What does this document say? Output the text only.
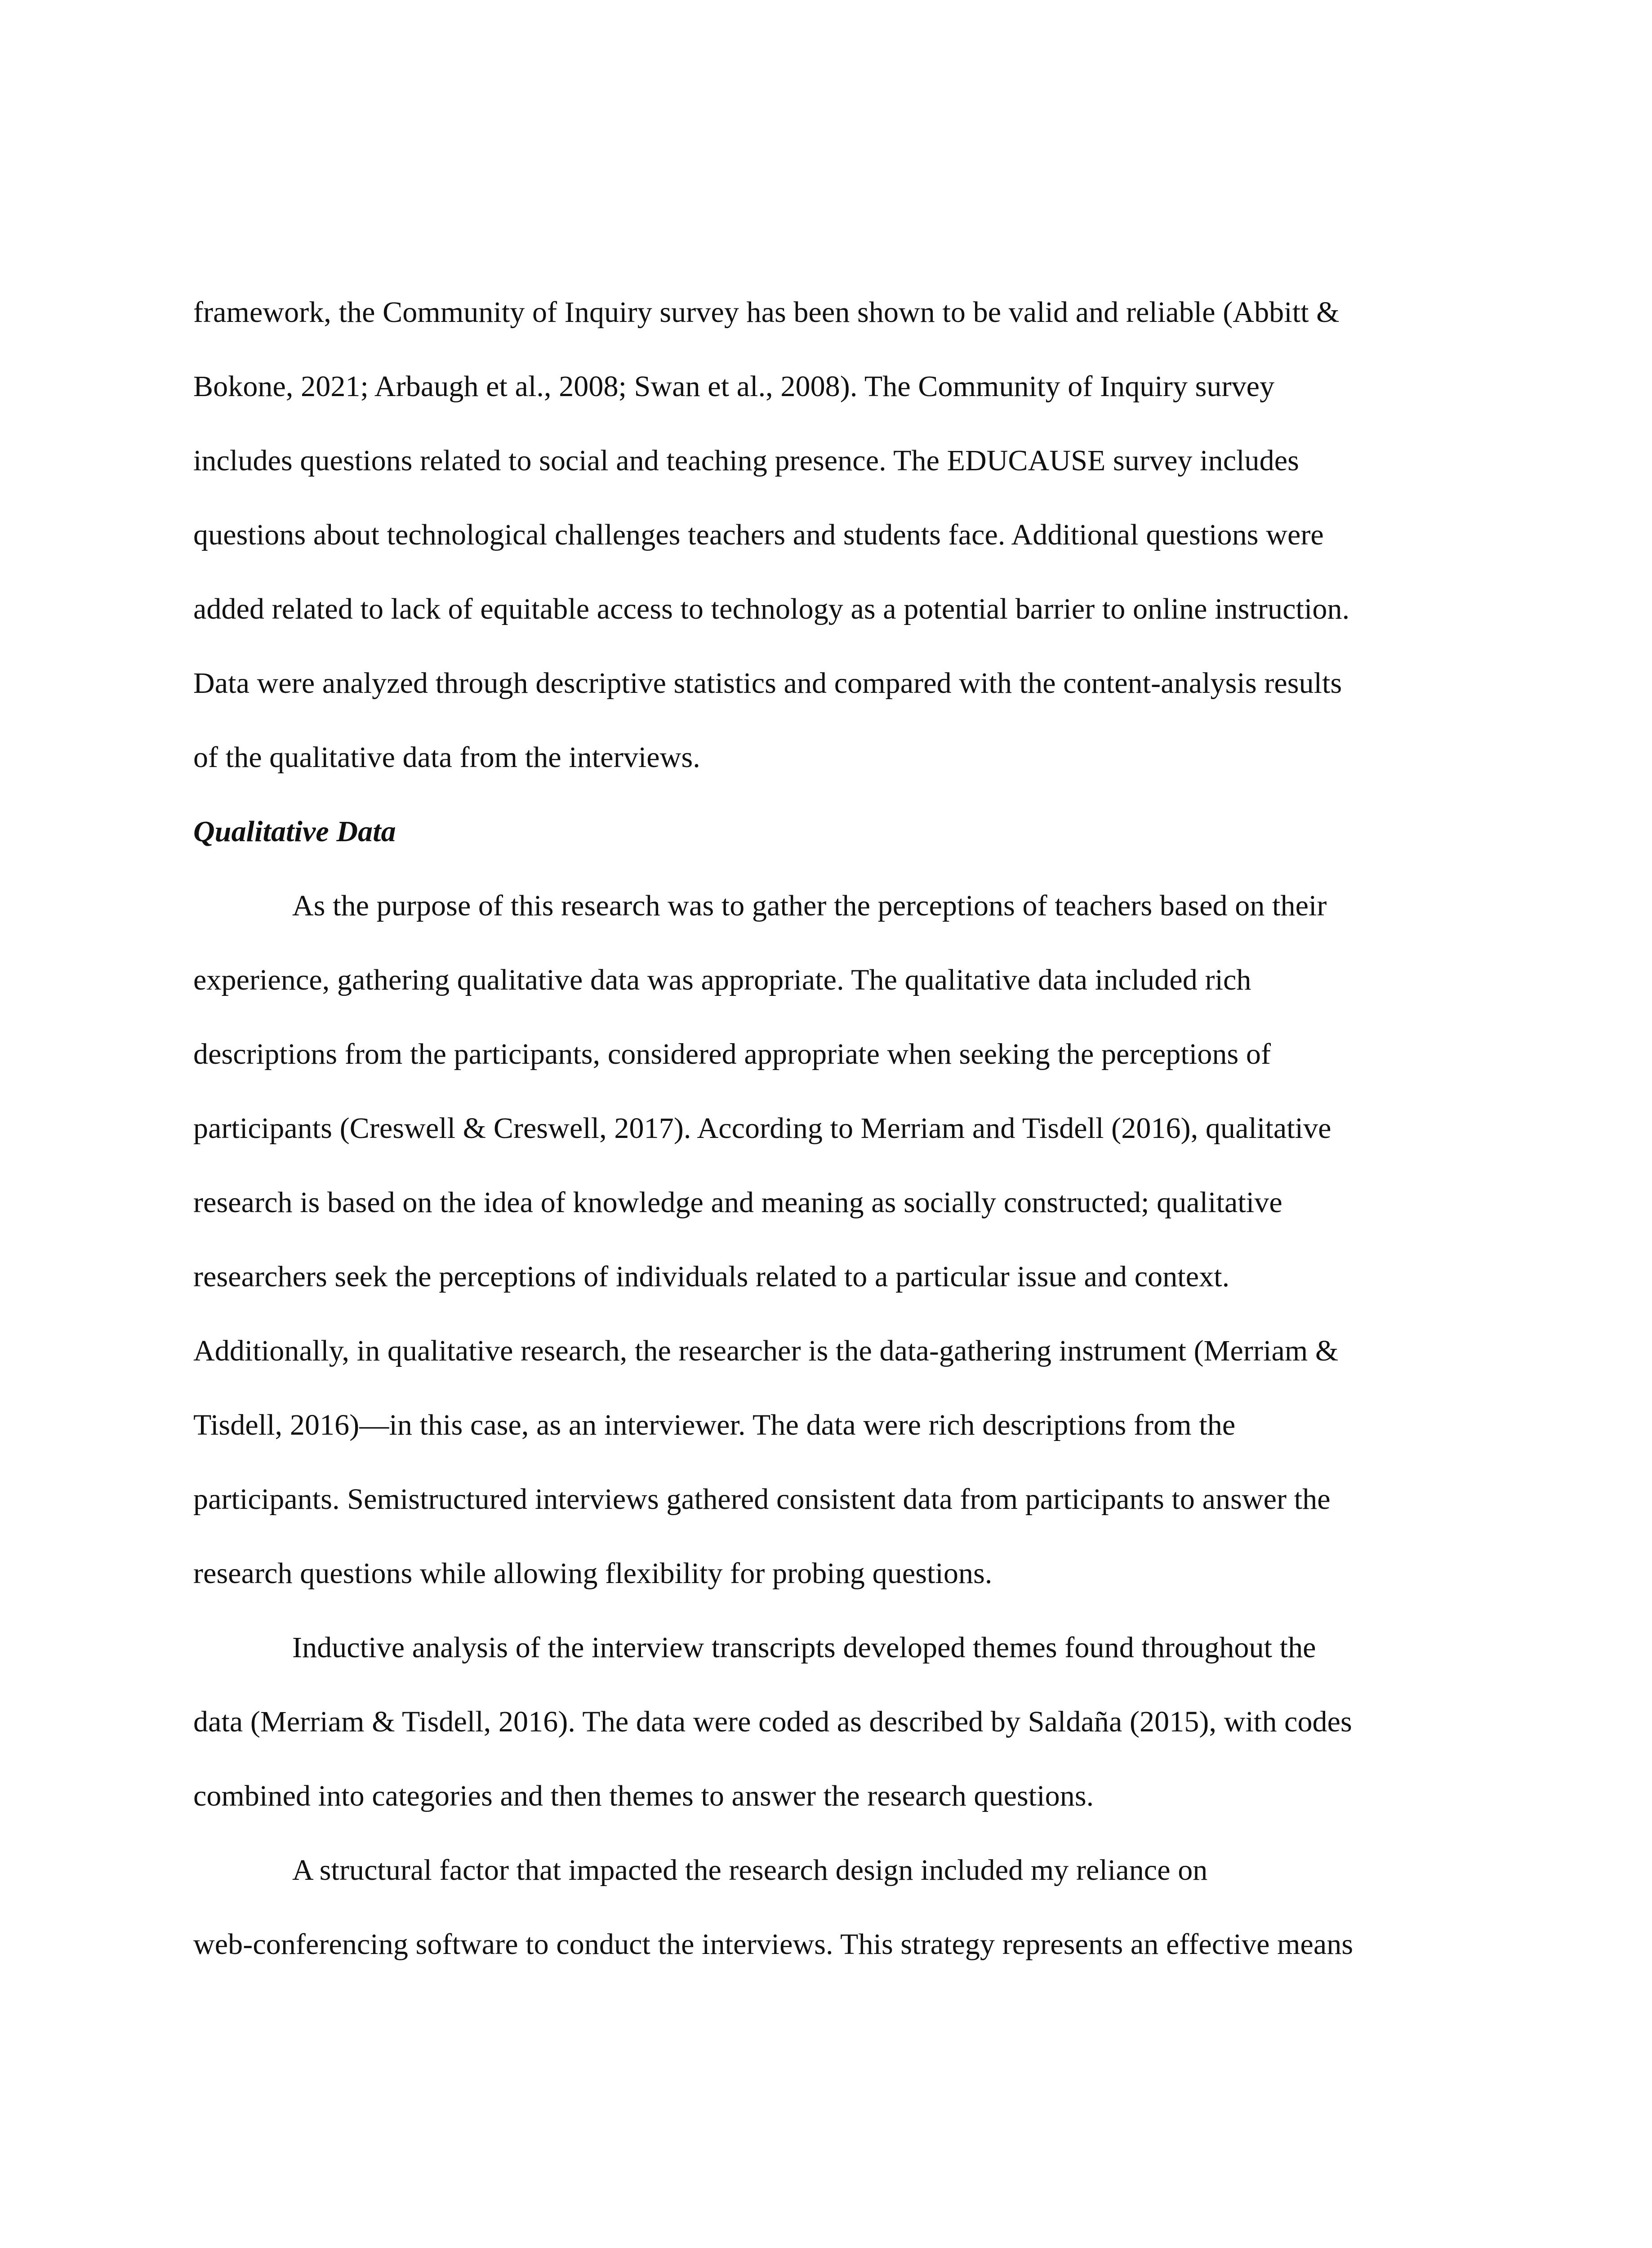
framework, the Community of Inquiry survey has been shown to be valid and reliable (Abbitt &
Bokone, 2021; Arbaugh et al., 2008; Swan et al., 2008). The Community of Inquiry survey
includes questions related to social and teaching presence. The EDUCAUSE survey includes
questions about technological challenges teachers and students face. Additional questions were
added related to lack of equitable access to technology as a potential barrier to online instruction.
Data were analyzed through descriptive statistics and compared with the content-analysis results
of the qualitative data from the interviews.
Qualitative Data
As the purpose of this research was to gather the perceptions of teachers based on their
experience, gathering qualitative data was appropriate. The qualitative data included rich
descriptions from the participants, considered appropriate when seeking the perceptions of
participants (Creswell & Creswell, 2017). According to Merriam and Tisdell (2016), qualitative
research is based on the idea of knowledge and meaning as socially constructed; qualitative
researchers seek the perceptions of individuals related to a particular issue and context.
Additionally, in qualitative research, the researcher is the data-gathering instrument (Merriam &
Tisdell, 2016)—in this case, as an interviewer. The data were rich descriptions from the
participants. Semistructured interviews gathered consistent data from participants to answer the
research questions while allowing flexibility for probing questions.
Inductive analysis of the interview transcripts developed themes found throughout the
data (Merriam & Tisdell, 2016). The data were coded as described by Saldaña (2015), with codes
combined into categories and then themes to answer the research questions.
A structural factor that impacted the research design included my reliance on
web-conferencing software to conduct the interviews. This strategy represents an effective means
